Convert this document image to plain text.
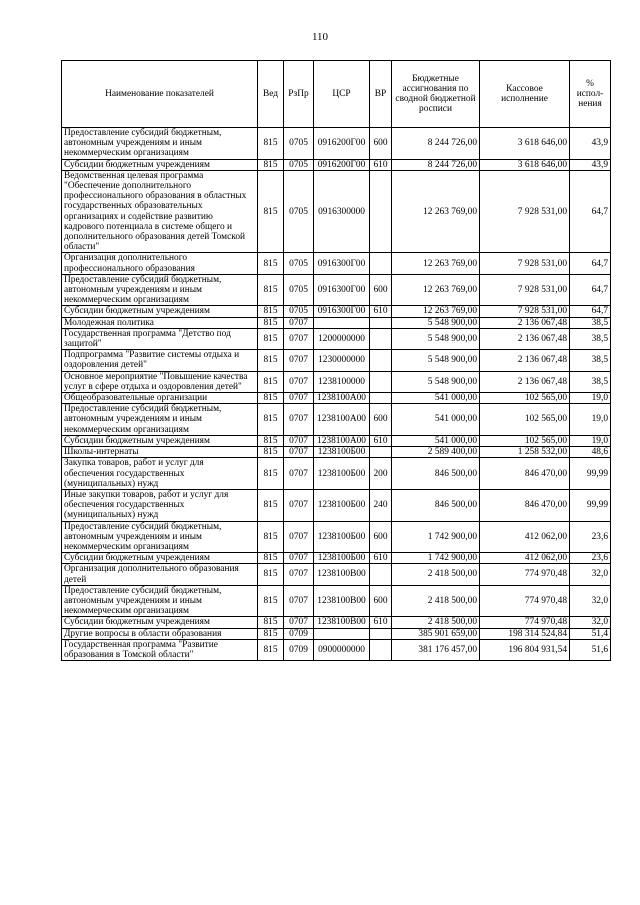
110
Наименование показателей	Вед	РзПр	ЦСР	ВР	Бюджетные ассигнования по сводной бюджетной росписи	Кассовое исполнение	% испол-нения
Предоставление субсидий бюджетным, автономным учреждениям и иным некоммерческим организациям	815	0705	0916200Г00	600	8 244 726,00	3 618 646,00	43,9
Субсидии бюджетным учреждениям	815	0705	0916200Г00	610	8 244 726,00	3 618 646,00	43,9
Ведомственная целевая программа "Обеспечение дополнительного профессионального образования в областных государственных образовательных организациях и содействие развитию кадрового потенциала в системе общего и дополнительного образования детей Томской области"	815	0705	0916300000		12 263 769,00	7 928 531,00	64,7
Организация дополнительного профессионального образования	815	0705	0916300Г00		12 263 769,00	7 928 531,00	64,7
Предоставление субсидий бюджетным, автономным учреждениям и иным некоммерческим организациям	815	0705	0916300Г00	600	12 263 769,00	7 928 531,00	64,7
Субсидии бюджетным учреждениям	815	0705	0916300Г00	610	12 263 769,00	7 928 531,00	64,7
Молодежная политика	815	0707			5 548 900,00	2 136 067,48	38,5
Государственная программа "Детство под защитой"	815	0707	1200000000		5 548 900,00	2 136 067,48	38,5
Подпрограмма "Развитие системы отдыха и оздоровления детей"	815	0707	1230000000		5 548 900,00	2 136 067,48	38,5
Основное мероприятие "Повышение качества услуг в сфере отдыха и оздоровления детей"	815	0707	1238100000		5 548 900,00	2 136 067,48	38,5
Общеобразовательные организации	815	0707	1238100А00		541 000,00	102 565,00	19,0
Предоставление субсидий бюджетным, автономным учреждениям и иным некоммерческим организациям	815	0707	1238100А00	600	541 000,00	102 565,00	19,0
Субсидии бюджетным учреждениям	815	0707	1238100А00	610	541 000,00	102 565,00	19,0
Школы-интернаты	815	0707	1238100Б00		2 589 400,00	1 258 532,00	48,6
Закупка товаров, работ и услуг для обеспечения государственных (муниципальных) нужд	815	0707	1238100Б00	200	846 500,00	846 470,00	99,99
Иные закупки товаров, работ и услуг для обеспечения государственных (муниципальных) нужд	815	0707	1238100Б00	240	846 500,00	846 470,00	99,99
Предоставление субсидий бюджетным, автономным учреждениям и иным некоммерческим организациям	815	0707	1238100Б00	600	1 742 900,00	412 062,00	23,6
Субсидии бюджетным учреждениям	815	0707	1238100Б00	610	1 742 900,00	412 062,00	23,6
Организация дополнительного образования детей	815	0707	1238100В00		2 418 500,00	774 970,48	32,0
Предоставление субсидий бюджетным, автономным учреждениям и иным некоммерческим организациям	815	0707	1238100В00	600	2 418 500,00	774 970,48	32,0
Субсидии бюджетным учреждениям	815	0707	1238100В00	610	2 418 500,00	774 970,48	32,0
Другие вопросы в области образования	815	0709			385 901 659,00	198 314 524,84	51,4
Государственная программа "Развитие образования в Томской области"	815	0709	0900000000		381 176 457,00	196 804 931,54	51,6
